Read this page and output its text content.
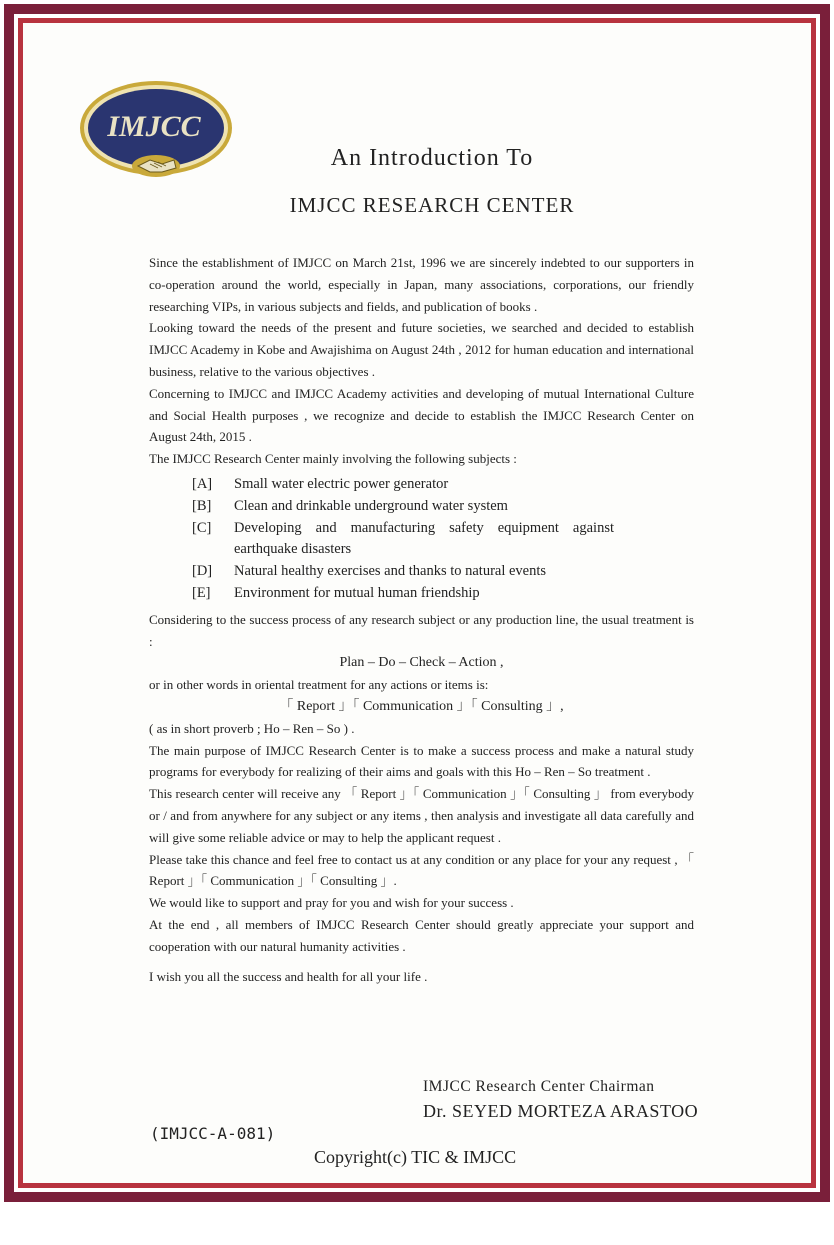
IMJCC
An Introduction To
IMJCC RESEARCH CENTER

Since the establishment of IMJCC on March 21st, 1996 we are sincerely indebted to our supporters in co-operation around the world, especially in Japan, many associations, corporations, our friendly researching VIPs, in various subjects and fields, and publication of books .

Looking toward the needs of the present and future societies, we searched and decided to establish IMJCC Academy in Kobe and Awajishima on August 24th , 2012 for human education and international business, relative to the various objectives .

Concerning to IMJCC and IMJCC Academy activities and developing of mutual International Culture and Social Health purposes , we recognize and decide to establish the IMJCC Research Center on August 24th, 2015 .

The IMJCC Research Center mainly involving the following subjects :

[A]	Small water electric power generator
[B]	Clean and drinkable underground water system
[C]	Developing and manufacturing safety equipment against earthquake disasters
[D]	Natural healthy exercises and thanks to natural events
[E]	Environment for mutual human friendship

Considering to the success process of any research subject or any production line, the usual treatment is :

Plan – Do – Check – Action ,

or in other words in oriental treatment for any actions or items is:

「 Report 」「 Communication 」「 Consulting 」,

( as in short proverb ; Ho – Ren – So ) .

The main purpose of IMJCC Research Center is to make a success process and make a natural study programs for everybody for realizing of their aims and goals with this Ho – Ren – So treatment .

This research center will receive any 「 Report 」「 Communication 」「 Consulting 」 from everybody or / and from anywhere for any subject or any items , then analysis and investigate all data carefully and will give some reliable advice or may to help the applicant request .

Please take this chance and feel free to contact us at any condition or any place for your any request , 「 Report 」「 Communication 」「 Consulting 」.

We would like to support and pray for you and wish for your success .

At the end , all members of IMJCC Research Center should greatly appreciate your support and cooperation with our natural humanity activities .

I wish you all the success and health for all your life .

IMJCC Research Center Chairman
Dr. SEYED MORTEZA ARASTOO
(IMJCC-A-081)
Copyright(c) TIC & IMJCC
